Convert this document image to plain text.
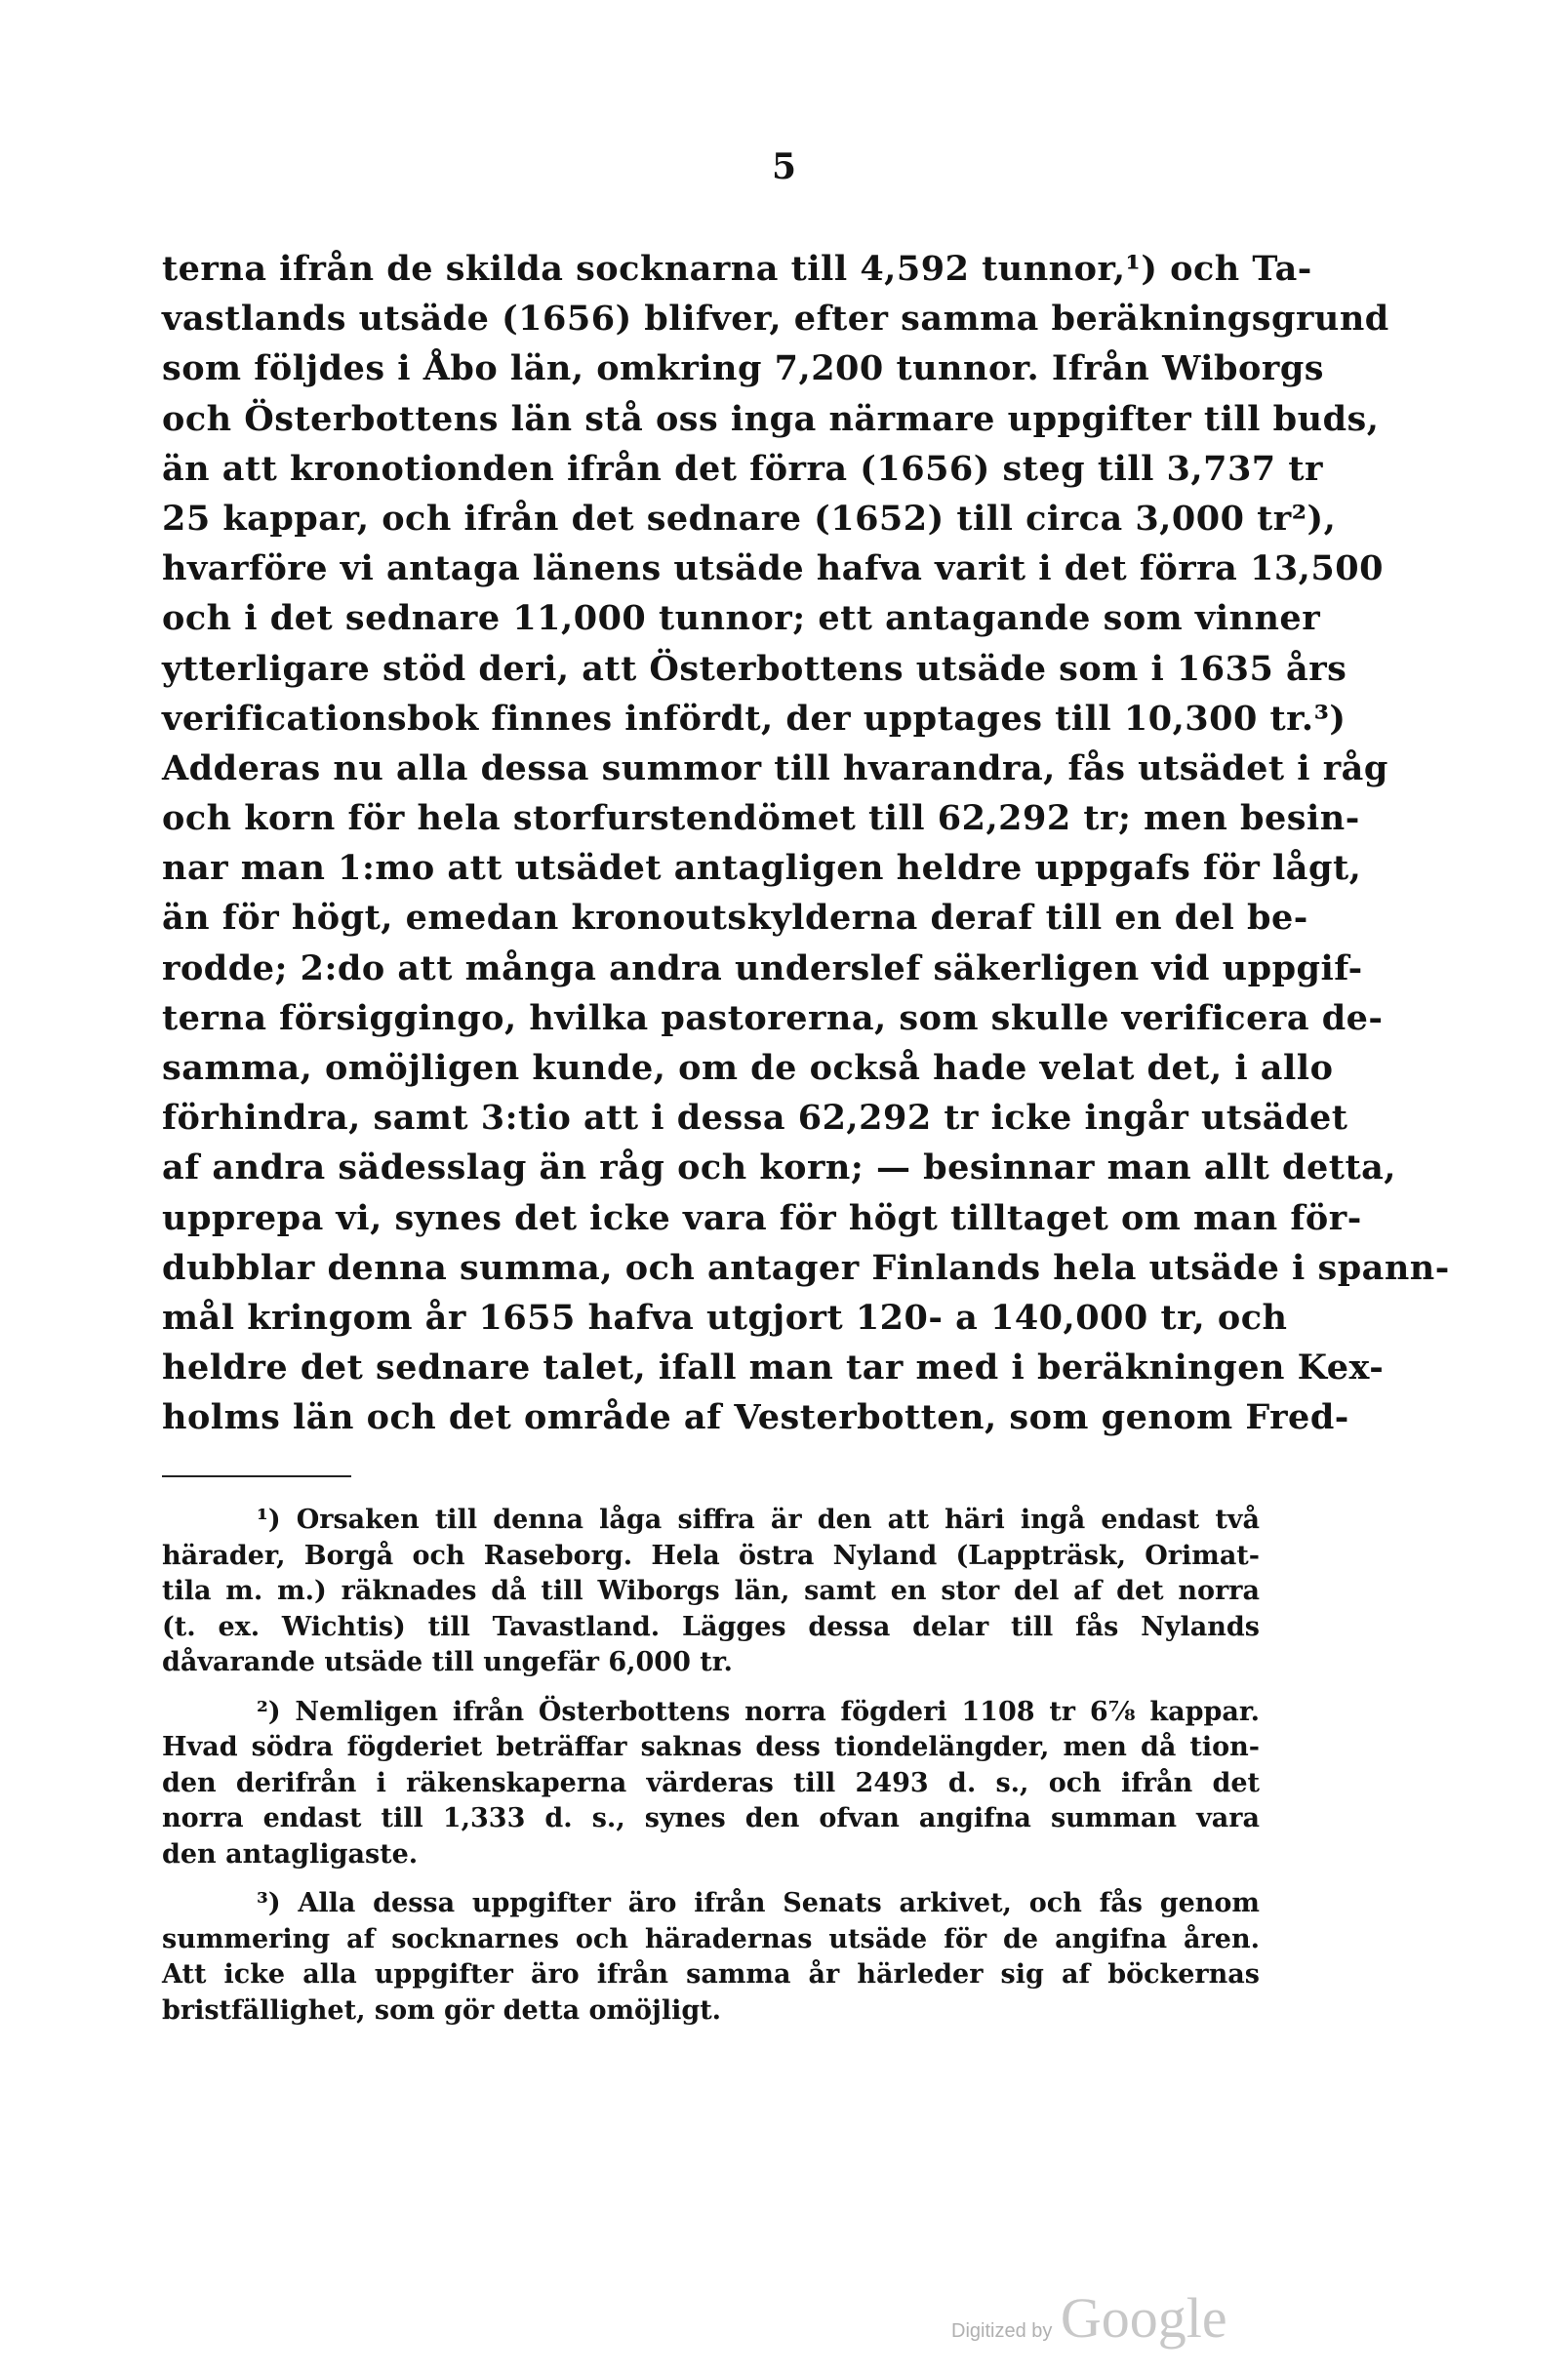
5
terna ifrån de skilda socknarna till 4,592 tunnor,¹) och Ta-
vastlands utsäde (1656) blifver, efter samma beräkningsgrund
som följdes i Åbo län, omkring 7,200 tunnor. Ifrån Wiborgs
och Österbottens län stå oss inga närmare uppgifter till buds,
än att kronotionden ifrån det förra (1656) steg till 3,737 tr
25 kappar, och ifrån det sednare (1652) till circa 3,000 tr²),
hvarföre vi antaga länens utsäde hafva varit i det förra 13,500
och i det sednare 11,000 tunnor; ett antagande som vinner
ytterligare stöd deri, att Österbottens utsäde som i 1635 års
verificationsbok finnes infördt, der upptages till 10,300 tr.³)
Adderas nu alla dessa summor till hvarandra, fås utsädet i råg
och korn för hela storfurstendömet till 62,292 tr; men besin-
nar man 1:mo att utsädet antagligen heldre uppgafs för lågt,
än för högt, emedan kronoutskylderna deraf till en del be-
rodde; 2:do att många andra underslef säkerligen vid uppgif-
terna försiggingo, hvilka pastorerna, som skulle verificera de-
samma, omöjligen kunde, om de också hade velat det, i allo
förhindra, samt 3:tio att i dessa 62,292 tr icke ingår utsädet
af andra sädesslag än råg och korn; — besinnar man allt detta,
upprepa vi, synes det icke vara för högt tilltaget om man för-
dubblar denna summa, och antager Finlands hela utsäde i spann-
mål kringom år 1655 hafva utgjort 120- a 140,000 tr, och
heldre det sednare talet, ifall man tar med i beräkningen Kex-
holms län och det område af Vesterbotten, som genom Fred-
¹) Orsaken till denna låga siffra är den att häri ingå endast två
härader, Borgå och Raseborg. Hela östra Nyland (Lappträsk, Orimat-
tila m. m.) räknades då till Wiborgs län, samt en stor del af det norra
(t. ex. Wichtis) till Tavastland. Lägges dessa delar till fås Nylands
dåvarande utsäde till ungefär 6,000 tr.
²) Nemligen ifrån Österbottens norra fögderi 1108 tr 6⅞ kappar.
Hvad södra fögderiet beträffar saknas dess tiondelängder, men då tion-
den derifrån i räkenskaperna värderas till 2493 d. s., och ifrån det
norra endast till 1,333 d. s., synes den ofvan angifna summan vara
den antagligaste.
³) Alla dessa uppgifter äro ifrån Senats arkivet, och fås genom
summering af socknarnes och häradernas utsäde för de angifna åren.
Att icke alla uppgifter äro ifrån samma år härleder sig af böckernas
bristfällighet, som gör detta omöjligt.
Digitized by Google
